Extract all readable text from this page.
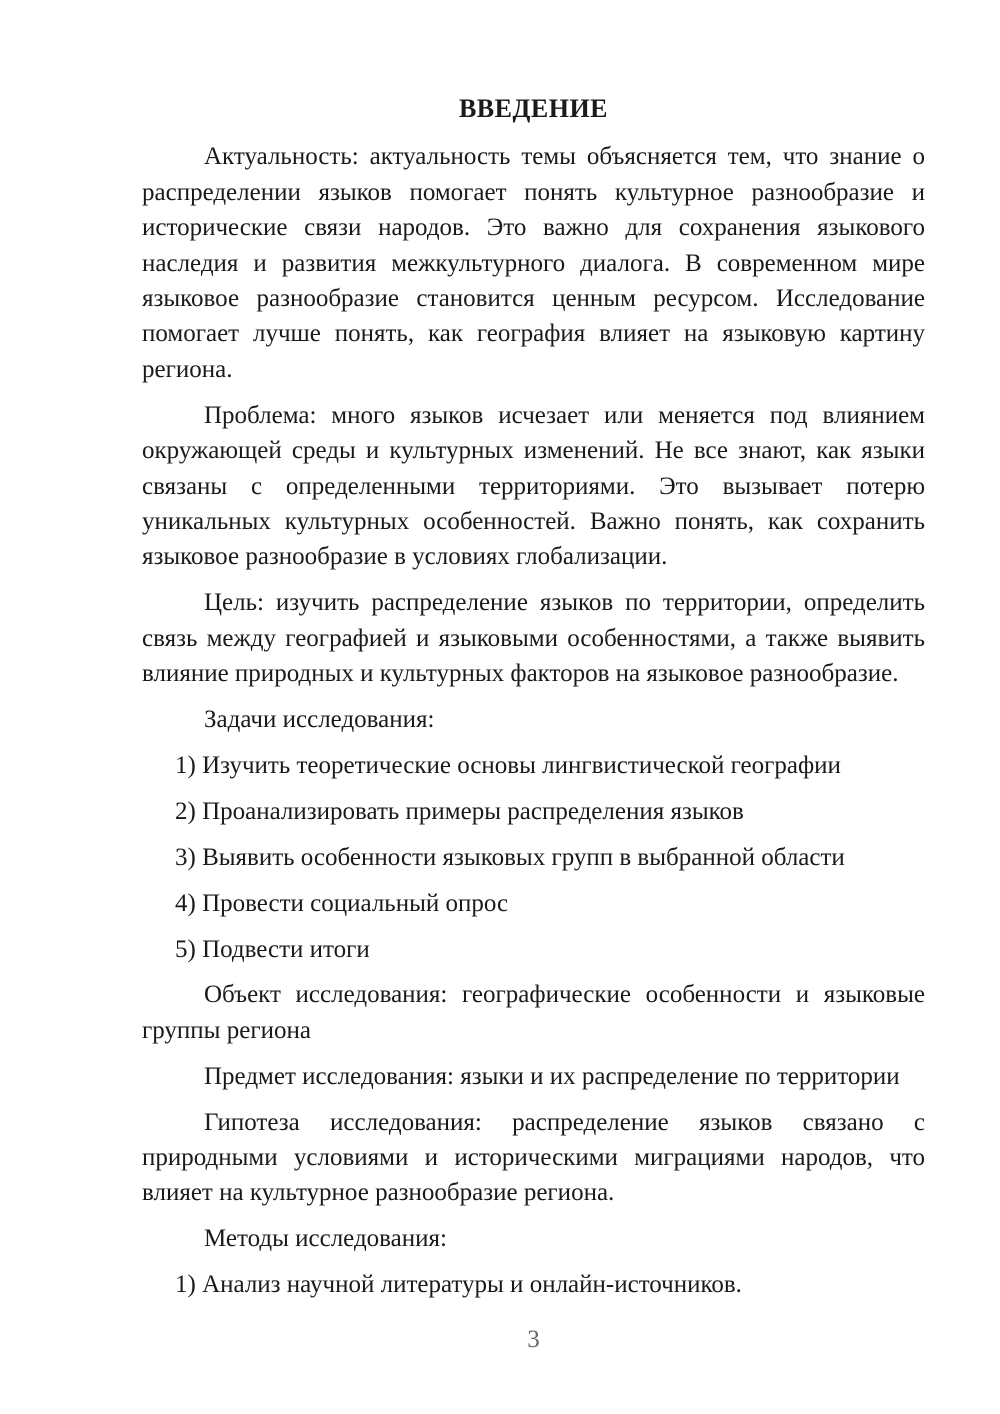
ВВЕДЕНИЕ

Актуальность: актуальность темы объясняется тем, что знание о распределении языков помогает понять культурное разнообразие и исторические связи народов. Это важно для сохранения языкового наследия и развития межкультурного диалога. В современном мире языковое разнообразие становится ценным ресурсом. Исследование помогает лучше понять, как география влияет на языковую картину региона.

Проблема: много языков исчезает или меняется под влиянием окружающей среды и культурных изменений. Не все знают, как языки связаны с определенными территориями. Это вызывает потерю уникальных культурных особенностей. Важно понять, как сохранить языковое разнообразие в условиях глобализации.

Цель: изучить распределение языков по территории, определить связь между географией и языковыми особенностями, а также выявить влияние природных и культурных факторов на языковое разнообразие.

Задачи исследования:

1) Изучить теоретические основы лингвистической географии

2) Проанализировать примеры распределения языков

3) Выявить особенности языковых групп в выбранной области

4) Провести социальный опрос

5) Подвести итоги

Объект исследования: географические особенности и языковые группы региона

Предмет исследования: языки и их распределение по территории

Гипотеза исследования: распределение языков связано с природными условиями и историческими миграциями народов, что влияет на культурное разнообразие региона.

Методы исследования:

1) Анализ научной литературы и онлайн-источников.

3
